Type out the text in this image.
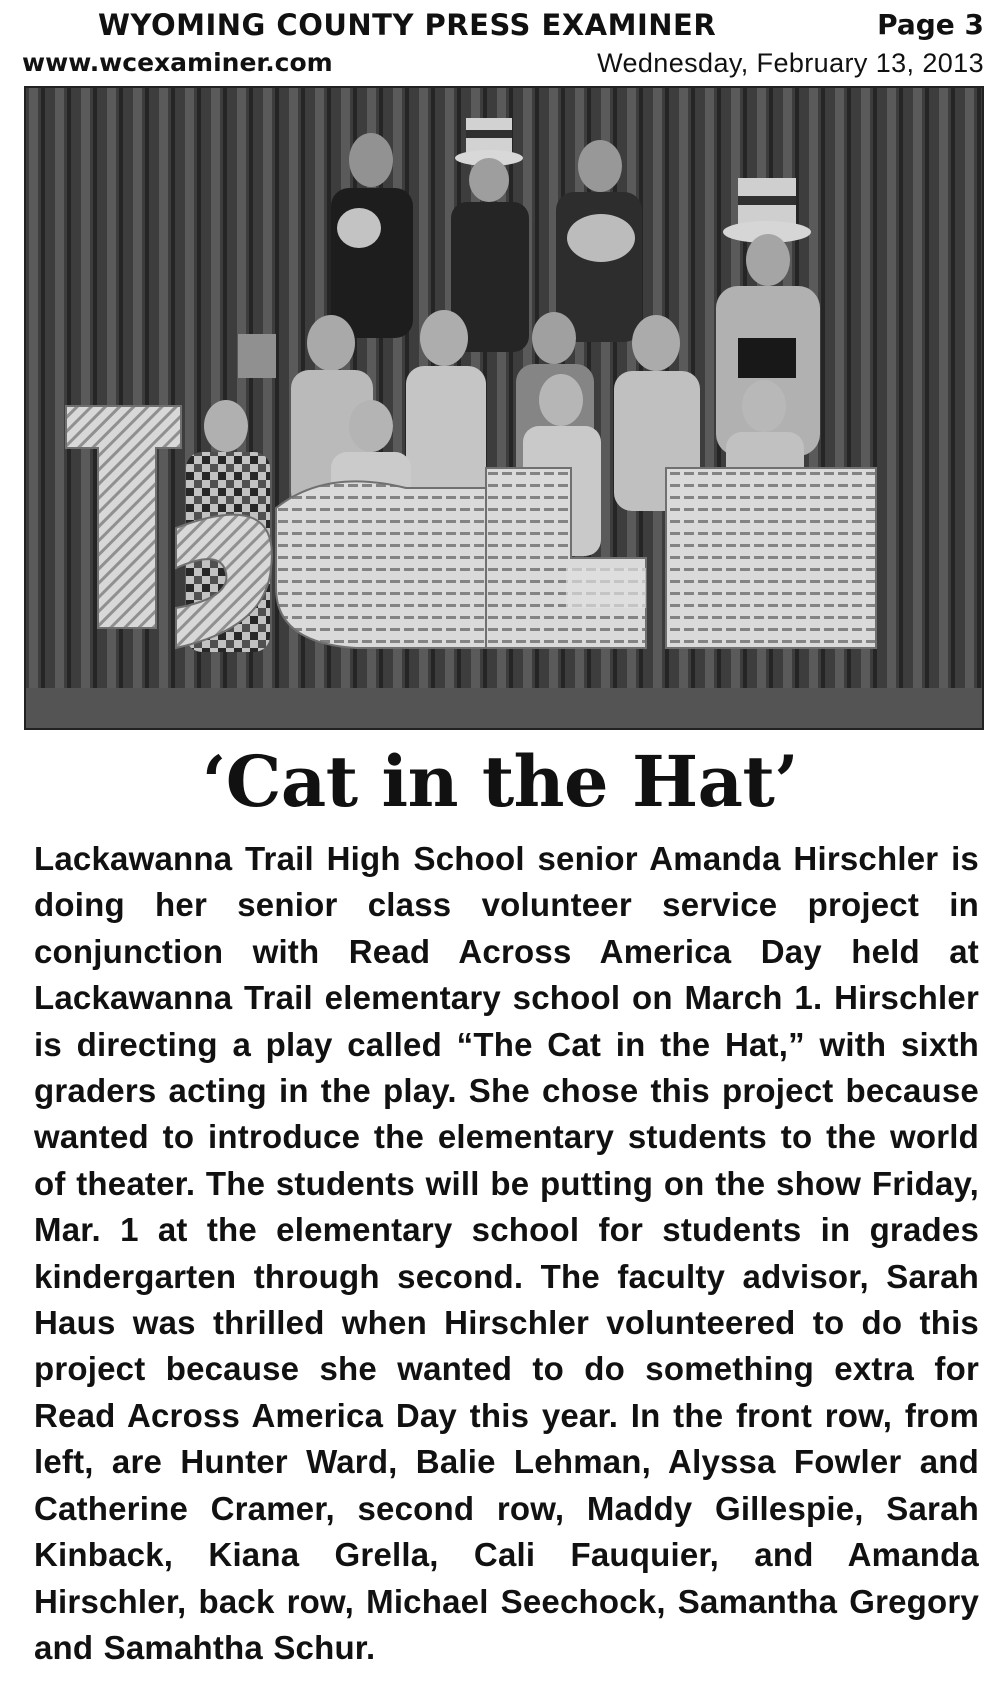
WYOMING COUNTY PRESS EXAMINER	Page 3
www.wcexaminer.com	Wednesday, February 13, 2013
‘Cat in the Hat’

Lackawanna Trail High School senior Amanda Hirschler is doing her senior class volunteer service project in conjunction with Read Across America Day held at Lackawanna Trail elementary school on March 1. Hirschler is directing a play called “The Cat in the Hat,” with sixth graders acting in the play. She chose this project because wanted to introduce the elementary students to the world of theater. The students will be putting on the show Friday, Mar. 1 at the elementary school for students in grades kindergarten through second. The faculty advisor, Sarah Haus was thrilled when Hirschler volunteered to do this project because she wanted to do something extra for Read Across America Day this year. In the front row, from left, are Hunter Ward, Balie Lehman, Alyssa Fowler and Catherine Cramer, second row, Maddy Gillespie, Sarah Kinback, Kiana Grella, Cali Fauquier, and Amanda Hirschler, back row, Michael Seechock, Samantha Gregory and Samahtha Schur.
